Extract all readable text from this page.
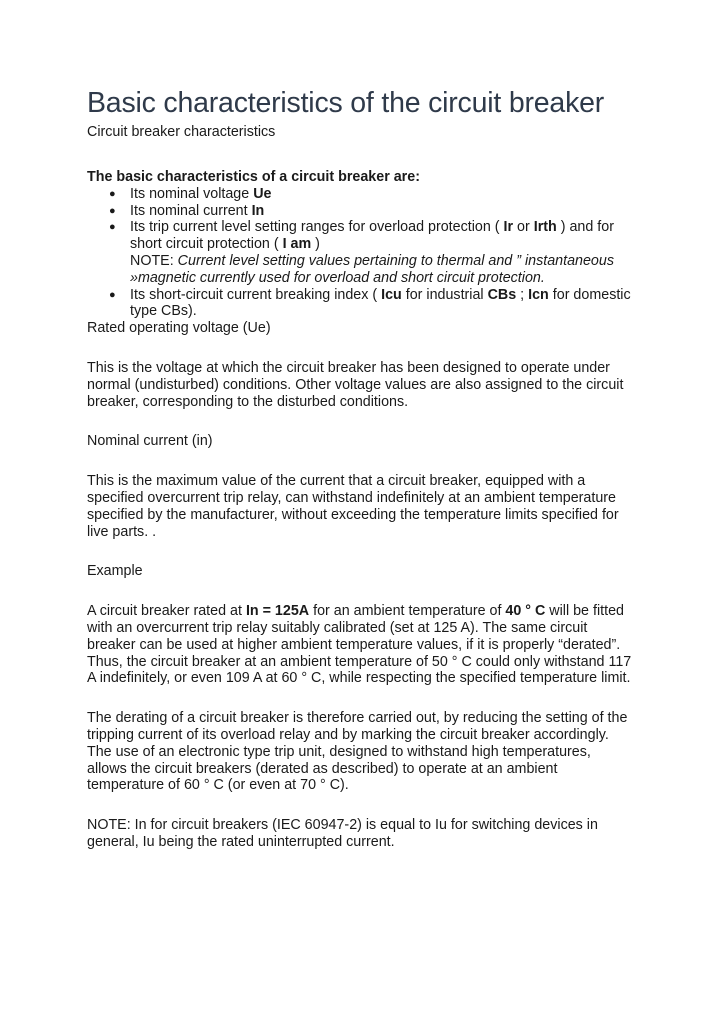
Basic characteristics of the circuit breaker
Circuit breaker characteristics
The basic characteristics of a circuit breaker are:
● Its nominal voltage Ue
● Its nominal current In
● Its trip current level setting ranges for overload protection ( Ir or Irth ) and for short circuit protection ( I am )
NOTE: Current level setting values pertaining to thermal and ” instantaneous »magnetic currently used for overload and short circuit protection.
● Its short-circuit current breaking index ( Icu for industrial CBs ; Icn for domestic type CBs).

Rated operating voltage (Ue)

This is the voltage at which the circuit breaker has been designed to operate under normal (undisturbed) conditions. Other voltage values are also assigned to the circuit breaker, corresponding to the disturbed conditions.

Nominal current (in)

This is the maximum value of the current that a circuit breaker, equipped with a specified overcurrent trip relay, can withstand indefinitely at an ambient temperature specified by the manufacturer, without exceeding the temperature limits specified for live parts. .

Example

A circuit breaker rated at In = 125A for an ambient temperature of 40 ° C will be fitted with an overcurrent trip relay suitably calibrated (set at 125 A). The same circuit breaker can be used at higher ambient temperature values, if it is properly “derated”. Thus, the circuit breaker at an ambient temperature of 50 ° C could only withstand 117 A indefinitely, or even 109 A at 60 ° C, while respecting the specified temperature limit.

The derating of a circuit breaker is therefore carried out, by reducing the setting of the tripping current of its overload relay and by marking the circuit breaker accordingly. The use of an electronic type trip unit, designed to withstand high temperatures, allows the circuit breakers (derated as described) to operate at an ambient temperature of 60 ° C (or even at 70 ° C).

NOTE: In for circuit breakers (IEC 60947-2) is equal to Iu for switching devices in general, Iu being the rated uninterrupted current.
